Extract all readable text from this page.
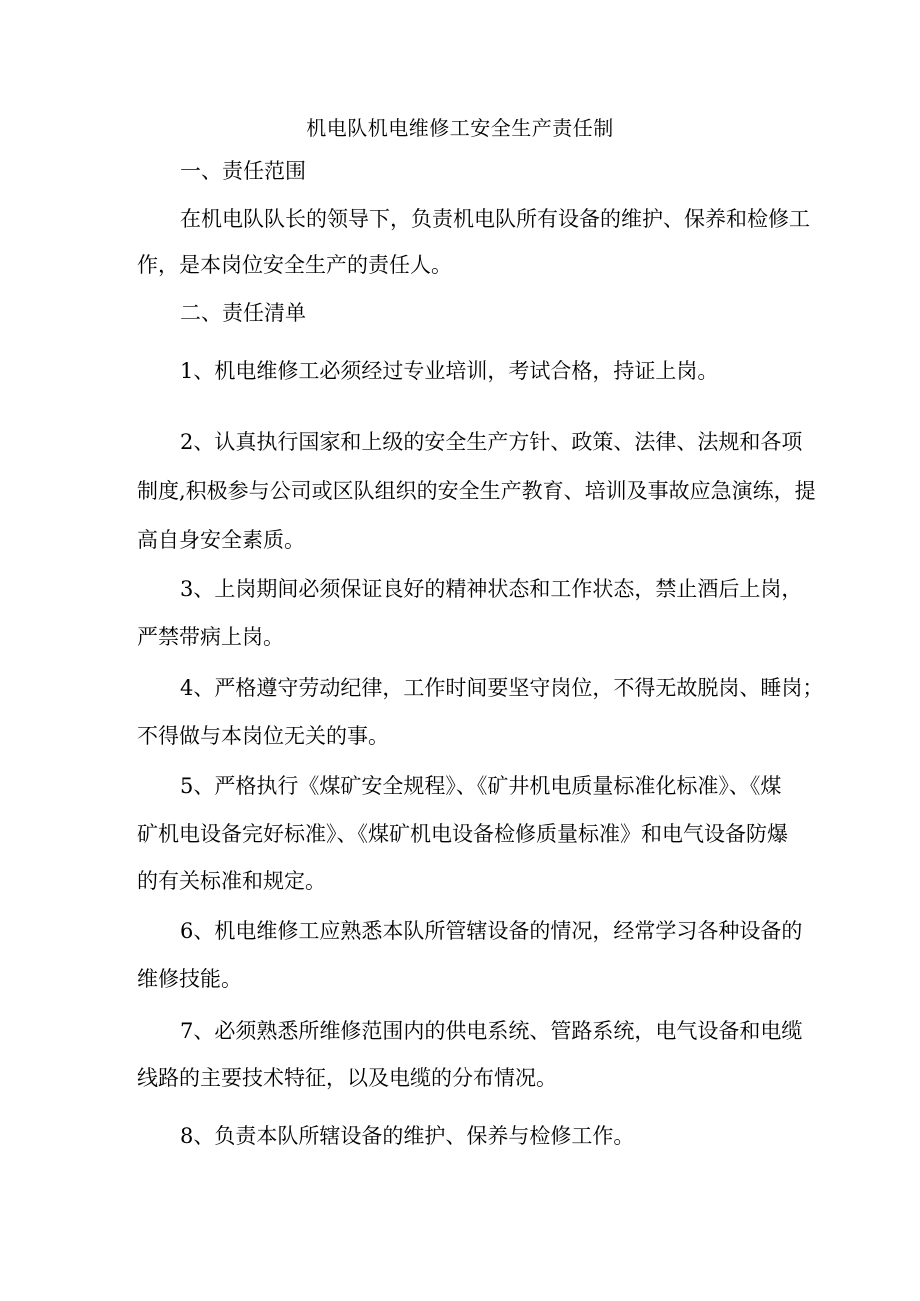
机电队机电维修工安全生产责任制
一、责任范围
在机电队队长的领导下，负责机电队所有设备的维护、保养和检修工
作，是本岗位安全生产的责任人。
二、责任清单
1、机电维修工必须经过专业培训，考试合格，持证上岗。
2、认真执行国家和上级的安全生产方针、政策、法律、法规和各项
制度,积极参与公司或区队组织的安全生产教育、培训及事故应急演练，提
高自身安全素质。
3、上岗期间必须保证良好的精神状态和工作状态，禁止酒后上岗，
严禁带病上岗。
4、严格遵守劳动纪律，工作时间要坚守岗位，不得无故脱岗、睡岗；
不得做与本岗位无关的事。
5、严格执行《煤矿安全规程》、《矿井机电质量标准化标准》、《煤
矿机电设备完好标准》、《煤矿机电设备检修质量标准》和电气设备防爆
的有关标准和规定。
6、机电维修工应熟悉本队所管辖设备的情况，经常学习各种设备的
维修技能。
7、必须熟悉所维修范围内的供电系统、管路系统，电气设备和电缆
线路的主要技术特征，以及电缆的分布情况。
8、负责本队所辖设备的维护、保养与检修工作。
